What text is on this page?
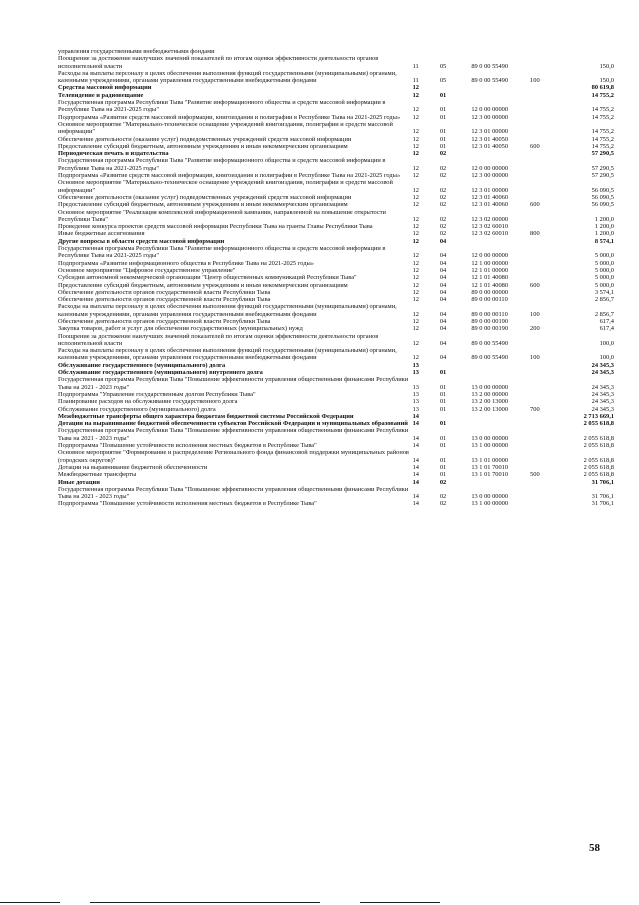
управления государственными внебюджетными фондами					
Поощрение за достижение наилучших значений показателей по итогам оценки эффективности деятельности органов исполнительной власти	11	05	89 0 00 55490		150,0
Расходы на выплаты персоналу в целях обеспечения выполнения функций государственными (муниципальными) органами, казенными учреждениями, органами управления государственными внебюджетными фондами	11	05	89 0 00 55490	100	150,0
Средства массовой информации	12				80 619,8
Телевидение и радиовещание	12	01			14 755,2
Государственная программа Республики Тыва "Развитие информационного общества и средств массовой информации в Республике Тыва на 2021-2025 годы"	12	01	12 0 00 00000		14 755,2
Подпрограмма «Развитие средств массовой информации, книгоиздания и полиграфии в Республике Тыва на 2021-2025 годы»	12	01	12 3 00 00000		14 755,2
Основное мероприятие "Материально-техническое оснащение учреждений книгоиздания, полиграфии и средств массовой информации"	12	01	12 3 01 00000		14 755,2
Обеспечение деятельности (оказание услуг) подведомственных учреждений средств массовой информации	12	01	12 3 01 40050		14 755,2
Предоставление субсидий бюджетным, автономным учреждениям и иным некоммерческим организациям	12	01	12 3 01 40050	600	14 755,2
Периодическая печать и издательства	12	02			57 290,5
Государственная программа Республики Тыва "Развитие информационного общества и средств массовой информации в Республике Тыва на 2021-2025 годы"	12	02	12 0 00 00000		57 290,5
Подпрограмма «Развитие средств массовой информации, книгоиздания и полиграфии в Республике Тыва на 2021-2025 годы»	12	02	12 3 00 00000		57 290,5
Основное мероприятие "Материально-техническое оснащение учреждений книгоиздания, полиграфии и средств массовой информации"	12	02	12 3 01 00000		56 090,5
Обеспечение деятельности (оказание услуг) подведомственных учреждений средств массовой информации	12	02	12 3 01 40060		56 090,5
Предоставление субсидий бюджетным, автономным учреждениям и иным некоммерческим организациям	12	02	12 3 01 40060	600	56 090,5
Основное мероприятие "Реализация комплексной информационной кампании, направленной на повышение открытости Республики Тыва"	12	02	12 3 02 00000		1 200,0
Проведение конкурса проектов средств массовой информации Республики Тыва на гранты Главы Республики Тыва	12	02	12 3 02 60010		1 200,0
Иные бюджетные ассигнования	12	02	12 3 02 60010	800	1 200,0
Другие вопросы в области средств массовой информации	12	04			8 574,1
Государственная программа Республики Тыва "Развитие информационного общества и средств массовой информации в Республике Тыва на 2021-2025 годы"	12	04	12 0 00 00000		5 000,0
Подпрограмма «Развитие информационного общества в Республике Тыва на 2021-2025 годы»	12	04	12 1 00 00000		5 000,0
Основное мероприятие "Цифровое государственное управление"	12	04	12 1 01 00000		5 000,0
Субсидии автономной некоммерческой организации "Центр общественных коммуникаций Республики Тыва"	12	04	12 1 01 40080		5 000,0
Предоставление субсидий бюджетным, автономным учреждениям и иным некоммерческим организациям	12	04	12 1 01 40080	600	5 000,0
Обеспечение деятельности органов государственной власти Республики Тыва	12	04	89 0 00 00000		3 574,1
Обеспечение деятельности органов государственной власти Республики Тыва	12	04	89 0 00 00110		2 856,7
Расходы на выплаты персоналу в целях обеспечения выполнения функций государственными (муниципальными) органами, казенными учреждениями, органами управления государственными внебюджетными фондами	12	04	89 0 00 00110	100	2 856,7
Обеспечение деятельности органов государственной власти Республики Тыва	12	04	89 0 00 00190		617,4
Закупка товаров, работ и услуг для обеспечения государственных (муниципальных) нужд	12	04	89 0 00 00190	200	617,4
Поощрение за достижение наилучших значений показателей по итогам оценки эффективности деятельности органов исполнительной власти	12	04	89 0 00 55490		100,0
Расходы на выплаты персоналу в целях обеспечения выполнения функций государственными (муниципальными) органами, казенными учреждениями, органами управления государственными внебюджетными фондами	12	04	89 0 00 55490	100	100,0
Обслуживание государственного (муниципального) долга	13				24 345,3
Обслуживание государственного (муниципального) внутреннего долга	13	01			24 345,3
Государственная программа Республики Тыва "Повышение эффективности управления общественными финансами Республики Тыва на 2021 - 2023 годы"	13	01	13 0 00 00000		24 345,3
Подпрограмма "Управление государственным долгом Республики Тыва"	13	01	13 2 00 00000		24 345,3
Планирование расходов на обслуживание государственного долга	13	01	13 2 00 13000		24 345,3
Обслуживание государственного (муниципального) долга	13	01	13 2 00 13000	700	24 345,3
Межбюджетные трансферты общего характера бюджетам бюджетной системы Российской Федерации	14				2 713 669,1
Дотации на выравнивание бюджетной обеспеченности субъектов Российской Федерации и муниципальных образований	14	01			2 055 618,8
Государственная программа Республики Тыва "Повышение эффективности управления общественными финансами Республики Тыва на 2021 - 2023 годы"	14	01	13 0 00 00000		2 055 618,8
Подпрограмма "Повышение устойчивости исполнения местных бюджетов в Республике Тыва"	14	01	13 1 00 00000		2 055 618,8
Основное мероприятие "Формирование и распределение Регионального фонда финансовой поддержки муниципальных районов (городских округов)"	14	01	13 1 01 00000		2 055 618,8
Дотации на выравнивание бюджетной обеспеченности	14	01	13 1 01 70010		2 055 618,8
Межбюджетные трансферты	14	01	13 1 01 70010	500	2 055 618,8
Иные дотации	14	02			31 706,1
Государственная программа Республики Тыва "Повышение эффективности управления общественными финансами Республики Тыва на 2021 - 2023 годы"	14	02	13 0 00 00000		31 706,1
Подпрограмма "Повышение устойчивости исполнения местных бюджетов в Республике Тыва"	14	02	13 1 00 00000		31 706,1
58
